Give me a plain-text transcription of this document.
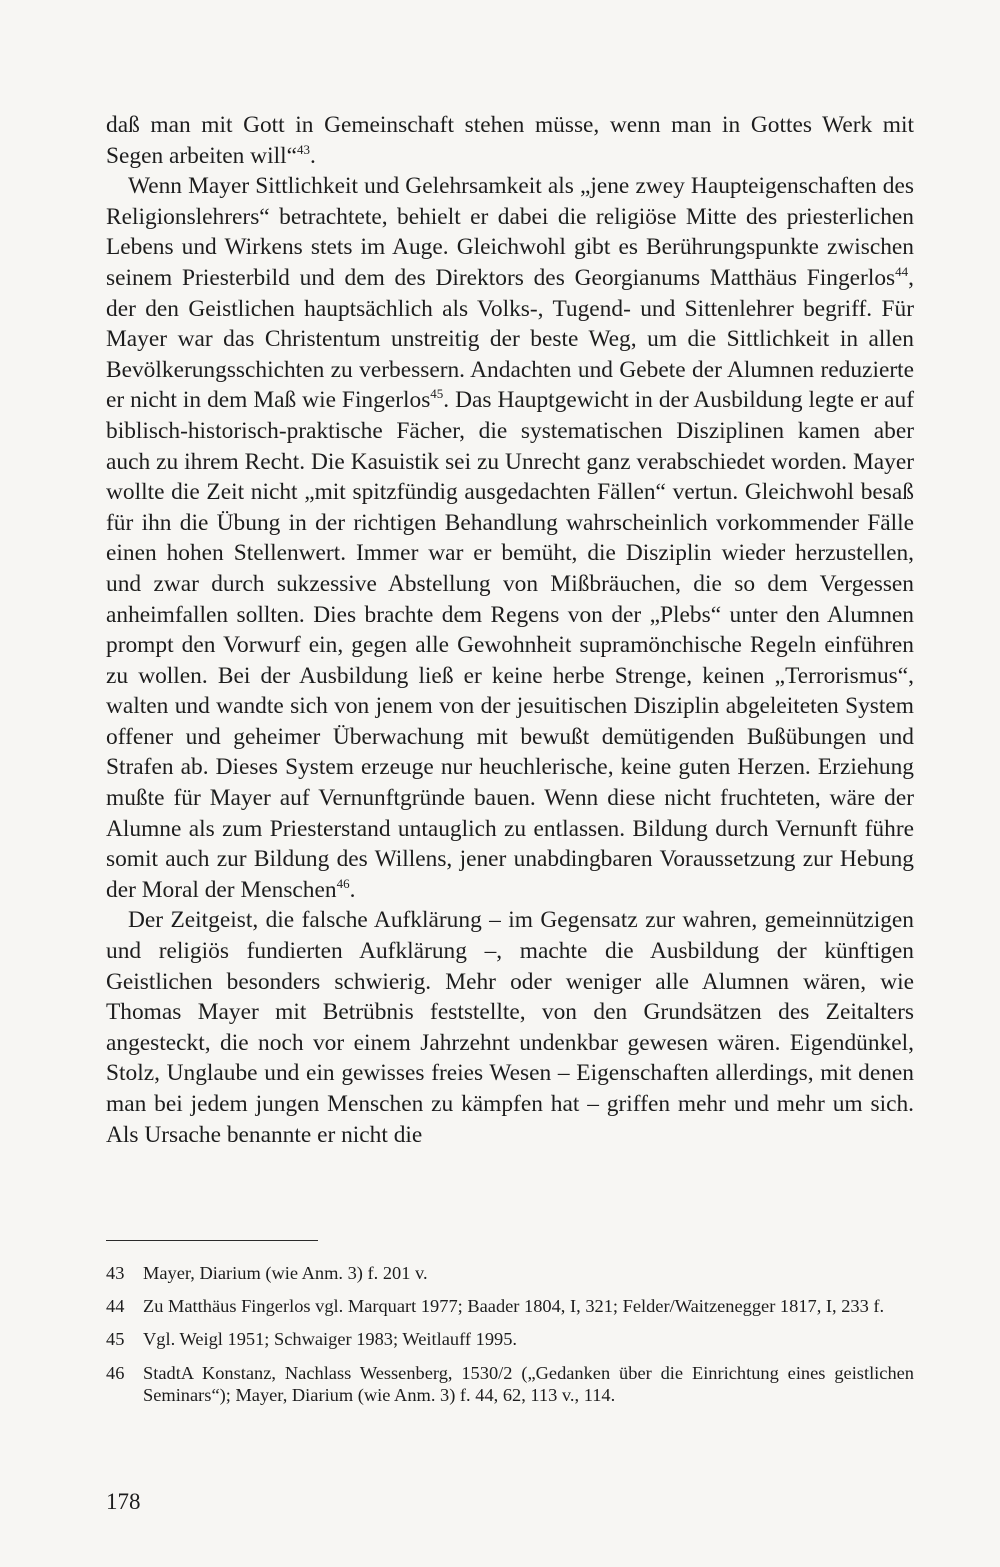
daß man mit Gott in Gemeinschaft stehen müsse, wenn man in Gottes Werk mit Segen arbeiten will“$^{43}$.

Wenn Mayer Sittlichkeit und Gelehrsamkeit als „jene zwey Haupteigenschaften des Religionslehrers“ betrachtete, behielt er dabei die religiöse Mitte des priesterlichen Lebens und Wirkens stets im Auge. Gleichwohl gibt es Berührungspunkte zwischen seinem Priesterbild und dem des Direktors des Georgianums Matthäus Fingerlos$^{44}$, der den Geistlichen hauptsächlich als Volks-, Tugend- und Sittenlehrer begriff. Für Mayer war das Christentum unstreitig der beste Weg, um die Sittlichkeit in allen Bevölkerungsschichten zu verbessern. Andachten und Gebete der Alumnen reduzierte er nicht in dem Maß wie Fingerlos$^{45}$. Das Hauptgewicht in der Ausbildung legte er auf biblisch-historisch-praktische Fächer, die systematischen Disziplinen kamen aber auch zu ihrem Recht. Die Kasuistik sei zu Unrecht ganz verabschiedet worden. Mayer wollte die Zeit nicht „mit spitzfündig ausgedachten Fällen“ vertun. Gleichwohl besaß für ihn die Übung in der richtigen Behandlung wahrscheinlich vorkommender Fälle einen hohen Stellenwert. Immer war er bemüht, die Disziplin wieder herzustellen, und zwar durch sukzessive Abstellung von Mißbräuchen, die so dem Vergessen anheimfallen sollten. Dies brachte dem Regens von der „Plebs“ unter den Alumnen prompt den Vorwurf ein, gegen alle Gewohnheit supramönchische Regeln einführen zu wollen. Bei der Ausbildung ließ er keine herbe Strenge, keinen „Terrorismus“, walten und wandte sich von jenem von der jesuitischen Disziplin abgeleiteten System offener und geheimer Überwachung mit bewußt demütigenden Bußübungen und Strafen ab. Dieses System erzeuge nur heuchlerische, keine guten Herzen. Erziehung mußte für Mayer auf Vernunftgründe bauen. Wenn diese nicht fruchteten, wäre der Alumne als zum Priesterstand untauglich zu entlassen. Bildung durch Vernunft führe somit auch zur Bildung des Willens, jener unabdingbaren Voraussetzung zur Hebung der Moral der Menschen$^{46}$.

Der Zeitgeist, die falsche Aufklärung – im Gegensatz zur wahren, gemeinnützigen und religiös fundierten Aufklärung –, machte die Ausbildung der künftigen Geistlichen besonders schwierig. Mehr oder weniger alle Alumnen wären, wie Thomas Mayer mit Betrübnis feststellte, von den Grundsätzen des Zeitalters angesteckt, die noch vor einem Jahrzehnt undenkbar gewesen wären. Eigendünkel, Stolz, Unglaube und ein gewisses freies Wesen – Eigenschaften allerdings, mit denen man bei jedem jungen Menschen zu kämpfen hat – griffen mehr und mehr um sich. Als Ursache benannte er nicht die

43	Mayer, Diarium (wie Anm. 3) f. 201 v.
44	Zu Matthäus Fingerlos vgl. Marquart 1977; Baader 1804, I, 321; Felder/Waitzenegger 1817, I, 233 f.
45	Vgl. Weigl 1951; Schwaiger 1983; Weitlauff 1995.
46	StadtA Konstanz, Nachlass Wessenberg, 1530/2 („Gedanken über die Einrichtung eines geistlichen Seminars“); Mayer, Diarium (wie Anm. 3) f. 44, 62, 113 v., 114.
178
